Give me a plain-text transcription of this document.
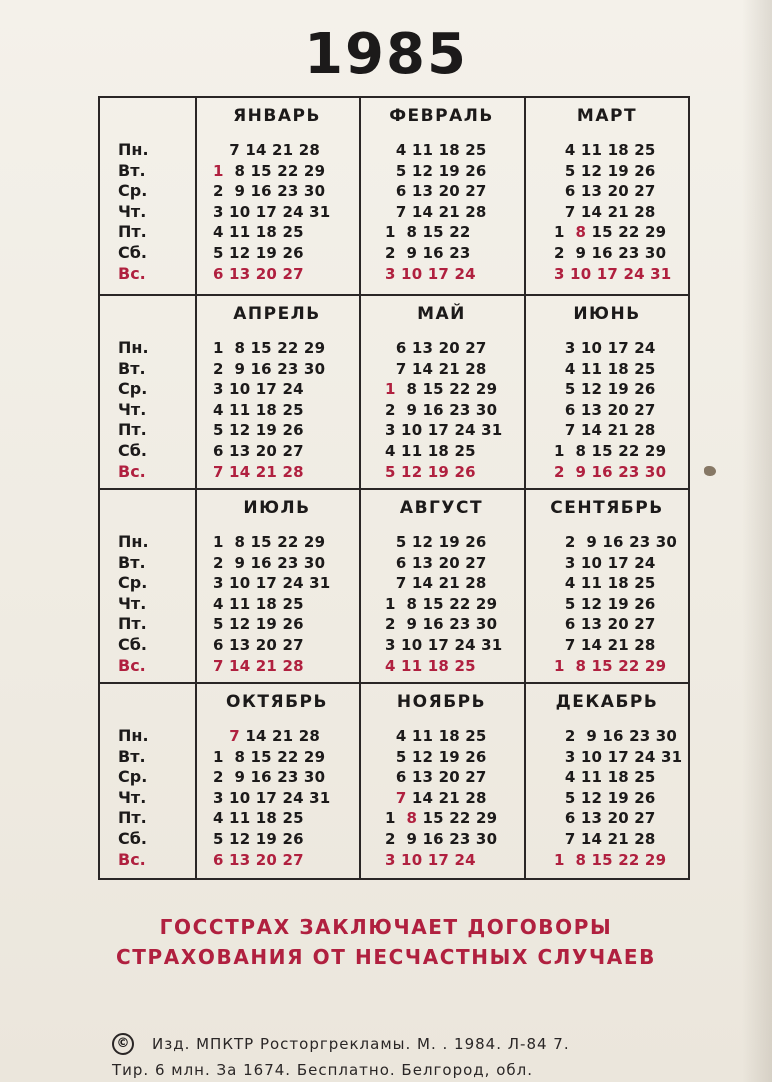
1985
Пн.
Вт.
Ср.
Чт.
Пт.
Сб.
Вс.
Пн.
Вт.
Ср.
Чт.
Пт.
Сб.
Вс.
Пн.
Вт.
Ср.
Чт.
Пт.
Сб.
Вс.
Пн.
Вт.
Ср.
Чт.
Пт.
Сб.
Вс.
ЯНВАРЬ
7 14 21 28
1  8 15 22 29
2  9 16 23 30
3 10 17 24 31
4 11 18 25
5 12 19 26
6 13 20 27
ФЕВРАЛЬ
4 11 18 25
5 12 19 26
6 13 20 27
7 14 21 28
1  8 15 22
2  9 16 23
3 10 17 24
МАРТ
4 11 18 25
5 12 19 26
6 13 20 27
7 14 21 28
1  8 15 22 29
2  9 16 23 30
3 10 17 24 31
АПРЕЛЬ
1  8 15 22 29
2  9 16 23 30
3 10 17 24
4 11 18 25
5 12 19 26
6 13 20 27
7 14 21 28
МАЙ
6 13 20 27
7 14 21 28
1  8 15 22 29
2  9 16 23 30
3 10 17 24 31
4 11 18 25
5 12 19 26
ИЮНЬ
3 10 17 24
4 11 18 25
5 12 19 26
6 13 20 27
7 14 21 28
1  8 15 22 29
2  9 16 23 30
ИЮЛЬ
1  8 15 22 29
2  9 16 23 30
3 10 17 24 31
4 11 18 25
5 12 19 26
6 13 20 27
7 14 21 28
АВГУСТ
5 12 19 26
6 13 20 27
7 14 21 28
1  8 15 22 29
2  9 16 23 30
3 10 17 24 31
4 11 18 25
СЕНТЯБРЬ
2  9 16 23 30
3 10 17 24
4 11 18 25
5 12 19 26
6 13 20 27
7 14 21 28
1  8 15 22 29
ОКТЯБРЬ
7 14 21 28
1  8 15 22 29
2  9 16 23 30
3 10 17 24 31
4 11 18 25
5 12 19 26
6 13 20 27
НОЯБРЬ
4 11 18 25
5 12 19 26
6 13 20 27
7 14 21 28
1  8 15 22 29
2  9 16 23 30
3 10 17 24
ДЕКАБРЬ
2  9 16 23 30
3 10 17 24 31
4 11 18 25
5 12 19 26
6 13 20 27
7 14 21 28
1  8 15 22 29
ГОССТРАХ ЗАКЛЮЧАЕТ ДОГОВОРЫ
СТРАХОВАНИЯ ОТ НЕСЧАСТНЫХ СЛУЧАЕВ
©	Изд. МПКТР Росторгрекламы. М. . 1984. Л-84 7.
Тир. 6 млн. За 1674. Бесплатно. Белгород, обл.
